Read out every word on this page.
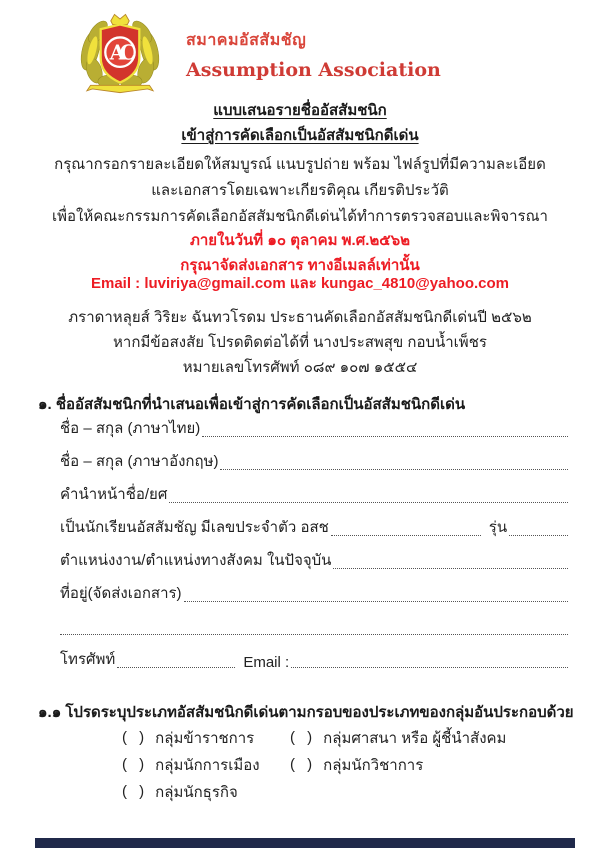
AC
สมาคมอัสสัมชัญ
Assumption Association
แบบเสนอรายชื่ออัสสัมชนิก
เข้าสู่การคัดเลือกเป็นอัสสัมชนิกดีเด่น
กรุณากรอกรายละเอียดให้สมบูรณ์ แนบรูปถ่าย พร้อม ไฟล์รูปที่มีความละเอียด
และเอกสารโดยเฉพาะเกียรติคุณ เกียรติประวัติ
เพื่อให้คณะกรรมการคัดเลือกอัสสัมชนิกดีเด่นได้ทำการตรวจสอบและพิจารณา
ภายในวันที่ ๑๐ ตุลาคม พ.ศ.๒๕๖๒
กรุณาจัดส่งเอกสาร ทางอีเมลล์เท่านั้น
Email : luviriya@gmail.com และ kungac_4810@yahoo.com
ภราดาหลุยส์ วิริยะ ฉันทวโรดม ประธานคัดเลือกอัสสัมชนิกดีเด่นปี ๒๕๖๒
หากมีข้อสงสัย โปรดติดต่อได้ที่ นางประสพสุข กอบน้ำเพ็ชร
หมายเลขโทรศัพท์ ๐๘๙ ๑๐๗ ๑๕๕๔
๑. ชื่ออัสสัมชนิกที่นำเสนอเพื่อเข้าสู่การคัดเลือกเป็นอัสสัมชนิกดีเด่น
ชื่อ – สกุล (ภาษาไทย)
ชื่อ – สกุล (ภาษาอังกฤษ)
คำนำหน้าชื่อ/ยศ
เป็นนักเรียนอัสสัมชัญ มีเลขประจำตัว อสช	รุ่น
ตำแหน่งงาน/ตำแหน่งทางสังคม ในปัจจุบัน
ที่อยู่(จัดส่งเอกสาร)
โทรศัพท์	Email :
๑.๑ โปรดระบุประเภทอัสสัมชนิกดีเด่นตามกรอบของประเภทของกลุ่มอันประกอบด้วย
( ) กลุ่มข้าราชการ ( ) กลุ่มศาสนา หรือ ผู้ชี้นำสังคม
( ) กลุ่มนักการเมือง ( ) กลุ่มนักวิชาการ
( ) กลุ่มนักธุรกิจ
